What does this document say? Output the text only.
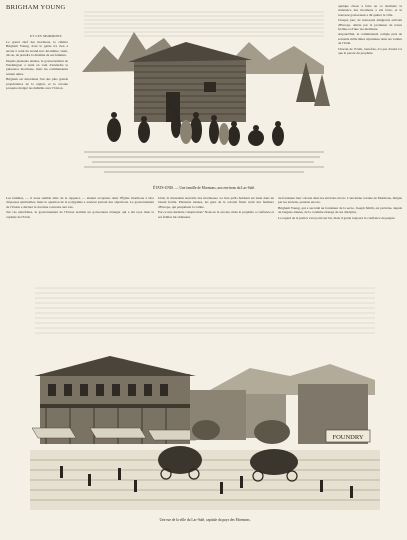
BRIGHAM YOUNG
ET LES MORMONS

Le grand chef des mormons, le célèbre Brigham Young, dont le génie n'a rien à envier à celui du Grand-turc lui-même, vient, dit-on, de prendre la dixième de ses femmes.

Depuis plusieurs années, le gouvernement de Washington a tenté en vain d'atteindre la puissance mormone, mais les communautés restent unies.

Brigham est désormais l'un des plus grands propriétaires de la région, et la colonie prospère malgré les démêlés avec l'Union.

quelque chose à faire en ce moment; la résistance des mormons a été forte, et le nouveau gouverneur a dû quitter la ville.

Chaque jour, de nouveaux émigrants arrivent d'Europe, attirés par la promesse de terres fertiles et d'une vie meilleure.

Aujourd'hui, la communauté compte près de soixante mille âmes répandues dans les vallées de l'Utah.

Chacun de l'Utah, toutefois, n'a pas d'autre loi que la parole du prophète.

ÉTATS-UNIS. — Une famille de Mormons, aux environs du Lac-Salé.

Les femmes, — il nous semble utile de le rappeler, — étaient acceptées dans l'Église mormone à titre d'épouses spirituelles; mais la question de la polygamie a soulevé partout des objections. Le gouvernement de l'Union a déclaré la doctrine contraire aux lois.

Sur ces entrefaites, le gouvernement de l'Union nomma un gouverneur étranger qui a été reçu dans la capitale de l'Utah.

Utah, la Jérusalem nouvelle des mormones. Le lieu qu'ils habitent est situé dans un bassin fertile. Plusieurs années, les gens de la colonie firent venir des fermiers d'Europe, qui peuplèrent la vallée.

Est-ce une dernière conspiration? Nous ne le savons; mais le prophète a confiance et ses fidèles lui obéissent.

du fondateur leur colonie dans les environs du lac. L'ancienne colonie de Mormons, dirigée par les anciens, persiste encore.

Brigham Young, qui a succédé au fondateur de la secte, Joseph Smith, est prévenu, depuis de longues années, de la conduite étrange de ses disciples.

Le regard de la justice s'est porté sur lui, mais il garde toujours la confiance du peuple.

FOUNDRY
Une rue de la ville du Lac-Salé, capitale du pays des Mormons.
